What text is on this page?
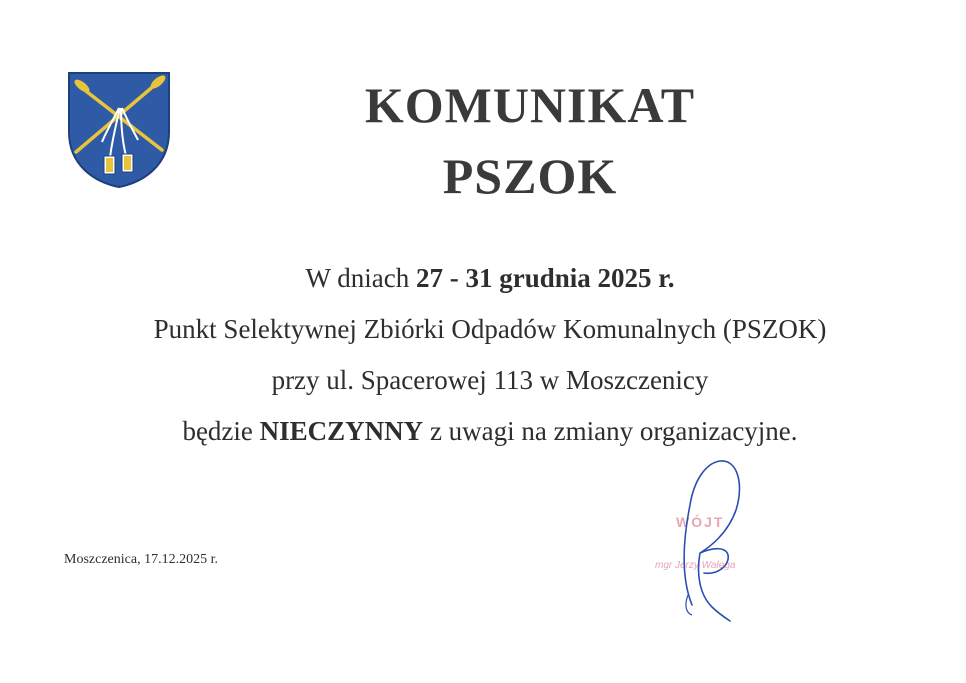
KOMUNIKAT
PSZOK
W dniach 27 - 31 grudnia 2025 r.
Punkt Selektywnej Zbiórki Odpadów Komunalnych (PSZOK)
przy ul. Spacerowej 113 w Moszczenicy
będzie NIECZYNNY z uwagi na zmiany organizacyjne.
Moszczenica, 17.12.2025 r.
WÓJT
mgr Jerzy Wałęga
